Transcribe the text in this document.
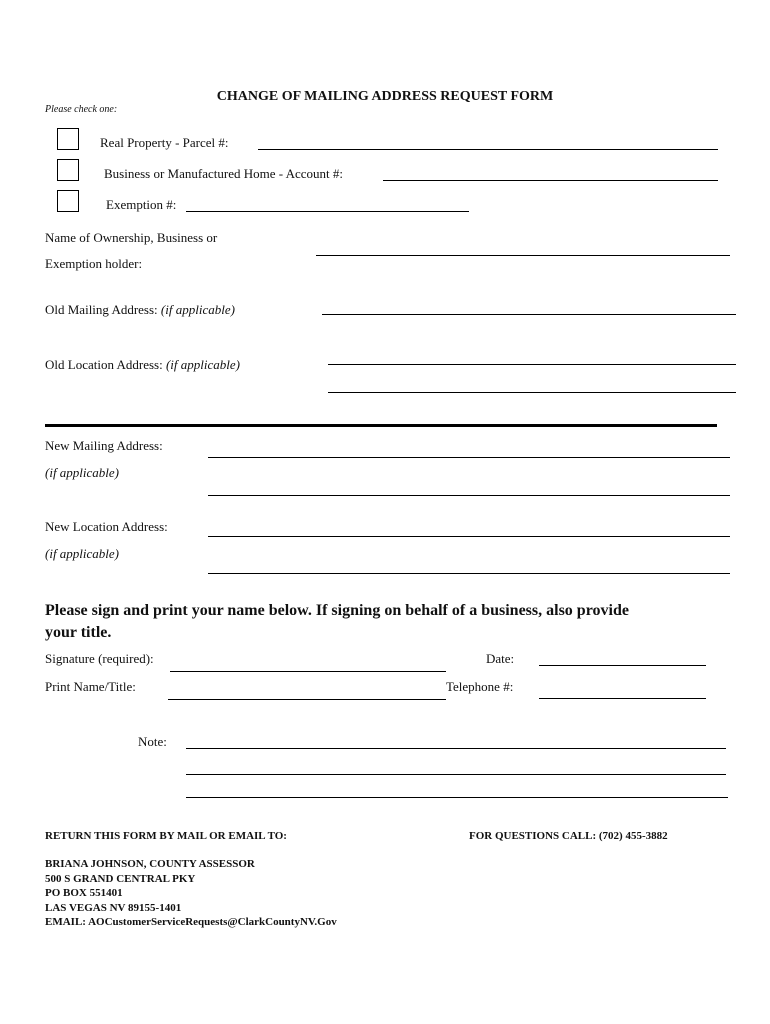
CHANGE OF MAILING ADDRESS REQUEST FORM
Please check one:
Real Property - Parcel #:
Business or Manufactured Home - Account #:
Exemption #:
Name of Ownership, Business or
Exemption holder:
Old Mailing Address: (if applicable)
Old Location Address: (if applicable)
New Mailing Address:
(if applicable)
New Location Address:
(if applicable)
Please sign and print your name below. If signing on behalf of a business, also provide
your title.
Signature (required):	Date:
Print Name/Title:	Telephone #:
Note:
RETURN THIS FORM BY MAIL OR EMAIL TO:	FOR QUESTIONS CALL: (702) 455-3882
BRIANA JOHNSON, COUNTY ASSESSOR
500 S GRAND CENTRAL PKY
PO BOX 551401
LAS VEGAS NV 89155-1401
EMAIL: AOCustomerServiceRequests@ClarkCountyNV.Gov
